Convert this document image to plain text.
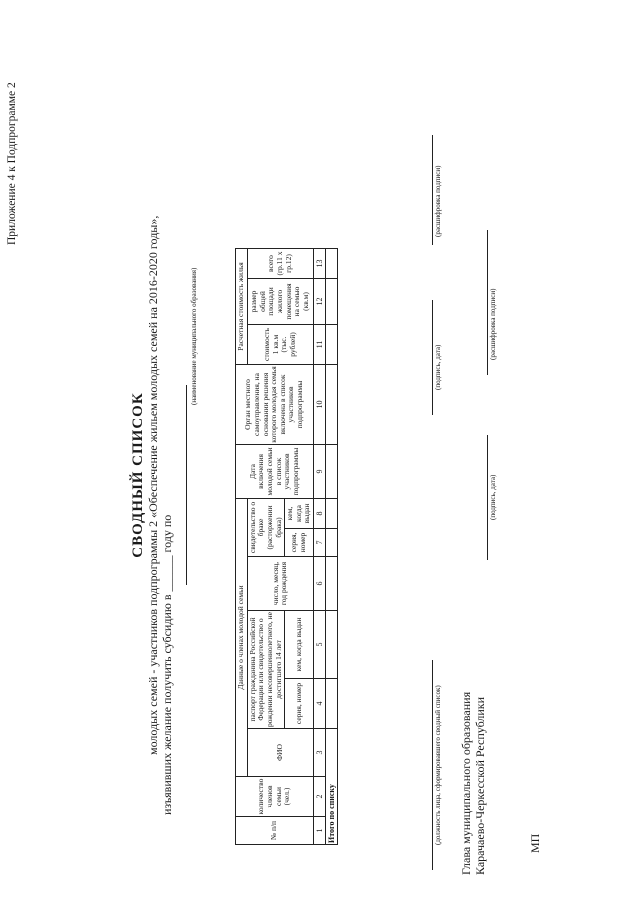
Приложение 4 к Подпрограмме 2
СВОДНЫЙ СПИСОК молодых семей - участников подпрограммы 2 «Обеспечение жильем молодых семей на 2016-2020 годы», изъявивших желание получить субсидию в ______ году по
(наименование муниципального образования)
№ п/п	количество членов семьи (чел.)	Данные о членах молодой семьи						Дата включения молодой семьи в список участников подпрограммы	Орган местного самоуправления, на основании решения которого молодая семья включена в список участников подпрограммы	Расчетная стоимость жилья		
		ФИО	паспорт гражданина Российской Федерации или свидетельство о рождении несовершеннолетнего, не достигшего 14 лет		число, месяц, год рождения	свидетельство о браке (расторжении брака)				стоимость 1 кв.м (тыс. рублей)	размер общей площади жилого помещения на семью (кв.м)	всего (гр.11 х гр.12)
			серия, номер	кем, когда выдан		серия, номер	кем, когда выдан					
1	2	3	4	5	6	7	8	9	10	11	12	13
Итого по списку													(должность лица, сформировавшего сводный список)
(подпись, дата)
(расшифровка подписи)
Глава муниципального образования Карачаево-Черкесской Республики
(подпись, дата)
(расшифровка подписи)
МП
